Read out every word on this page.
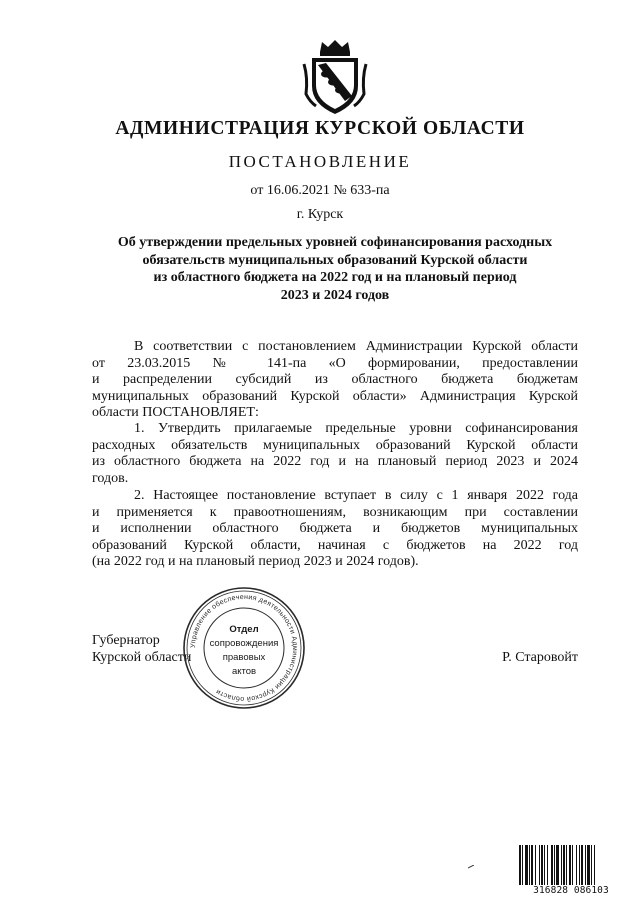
АДМИНИСТРАЦИЯ КУРСКОЙ ОБЛАСТИ
ПОСТАНОВЛЕНИЕ
от 16.06.2021 № 633-па
г. Курск
Об утверждении предельных уровней софинансирования расходных
обязательств муниципальных образований Курской области
из областного бюджета на 2022 год и на плановый период
2023 и 2024 годов
В соответствии с постановлением Администрации Курской области
от 23.03.2015 № 141-па «О формировании, предоставлении
и распределении субсидий из областного бюджета бюджетам
муниципальных образований Курской области» Администрация Курской
области ПОСТАНОВЛЯЕТ:
1. Утвердить прилагаемые предельные уровни софинансирования
расходных обязательств муниципальных образований Курской области
из областного бюджета на 2022 год и на плановый период 2023 и 2024
годов.
2. Настоящее постановление вступает в силу с 1 января 2022 года
и применяется к правоотношениям, возникающим при составлении
и исполнении областного бюджета и бюджетов муниципальных
образований Курской области, начиная с бюджетов на 2022 год
(на 2022 год и на плановый период 2023 и 2024 годов).
Губернатор
Курской области	Р. Старовойт
Управление обеспечения деятельности Администрации Курской области
Отдел
сопровождения
правовых
актов
316828 086103
